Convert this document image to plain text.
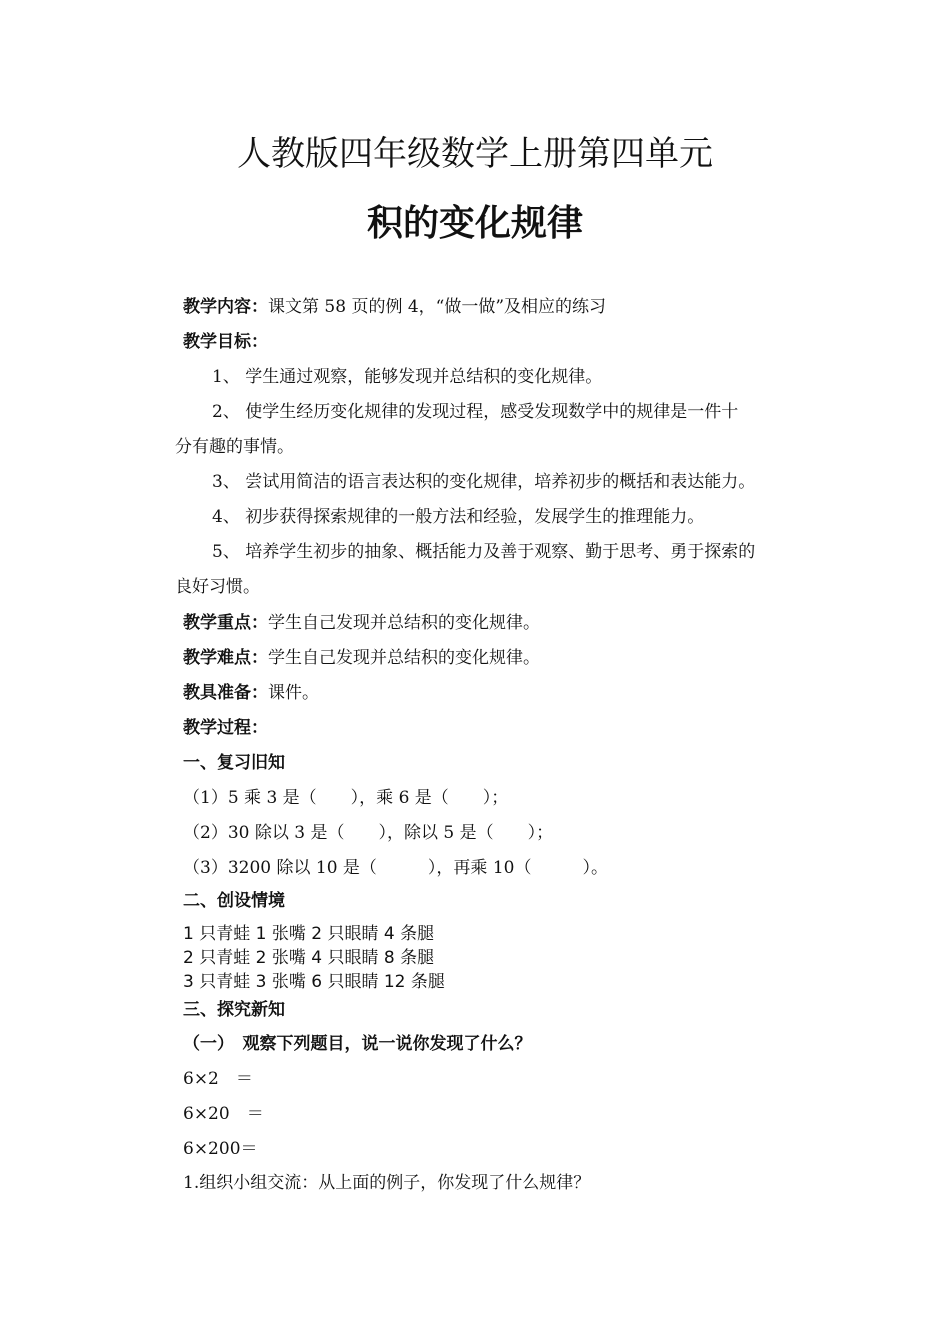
人教版四年级数学上册第四单元
积的变化规律
教学内容：课文第 58 页的例 4，“做一做”及相应的练习
教学目标：
1、 学生通过观察，能够发现并总结积的变化规律。
2、 使学生经历变化规律的发现过程，感受发现数学中的规律是一件十
分有趣的事情。
3、 尝试用简洁的语言表达积的变化规律，培养初步的概括和表达能力。
4、 初步获得探索规律的一般方法和经验，发展学生的推理能力。
5、 培养学生初步的抽象、概括能力及善于观察、勤于思考、勇于探索的
良好习惯。
教学重点：学生自己发现并总结积的变化规律。
教学难点：学生自己发现并总结积的变化规律。
教具准备：课件。
教学过程：
一、复习旧知
（1）5 乘 3 是（　　），乘 6 是（　　）；
（2）30 除以 3 是（　　），除以 5 是（　　）；
（3）3200 除以 10 是（　　　），再乘 10（　　　）。
二、创设情境
1 只青蛙 1 张嘴 2 只眼睛 4 条腿
2 只青蛙 2 张嘴 4 只眼睛 8 条腿
3 只青蛙 3 张嘴 6 只眼睛 12 条腿
三、探究新知
（一）　观察下列题目，说一说你发现了什么？
6×2　＝
6×20　＝
6×200＝
1.组织小组交流：从上面的例子，你发现了什么规律？
